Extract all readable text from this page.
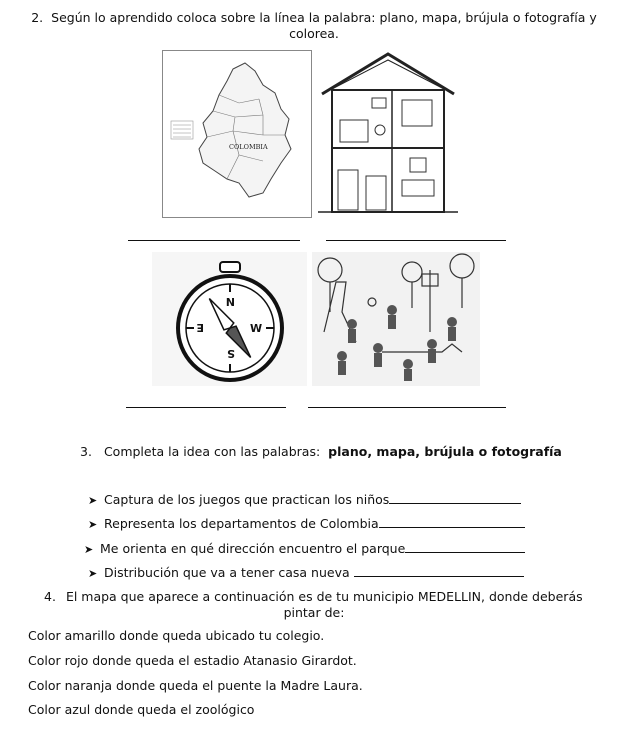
2. Según lo aprendido coloca sobre la línea la palabra: plano, mapa, brújula o fotografía y
colorea.
COLOMBIA
N
S
E	W
3. Completa la idea con las palabras: plano, mapa, brújula o fotografía
➤ Captura de los juegos que practican los niños
➤ Representa los departamentos de Colombia
➤ Me orienta en qué dirección encuentro el parque
➤ Distribución que va a tener casa nueva
4. El mapa que aparece a continuación es de tu municipio MEDELLIN, donde deberás
pintar de:
Color amarillo donde queda ubicado tu colegio.
Color rojo donde queda el estadio Atanasio Girardot.
Color naranja donde queda el puente la Madre Laura.
Color azul donde queda el zoológico
